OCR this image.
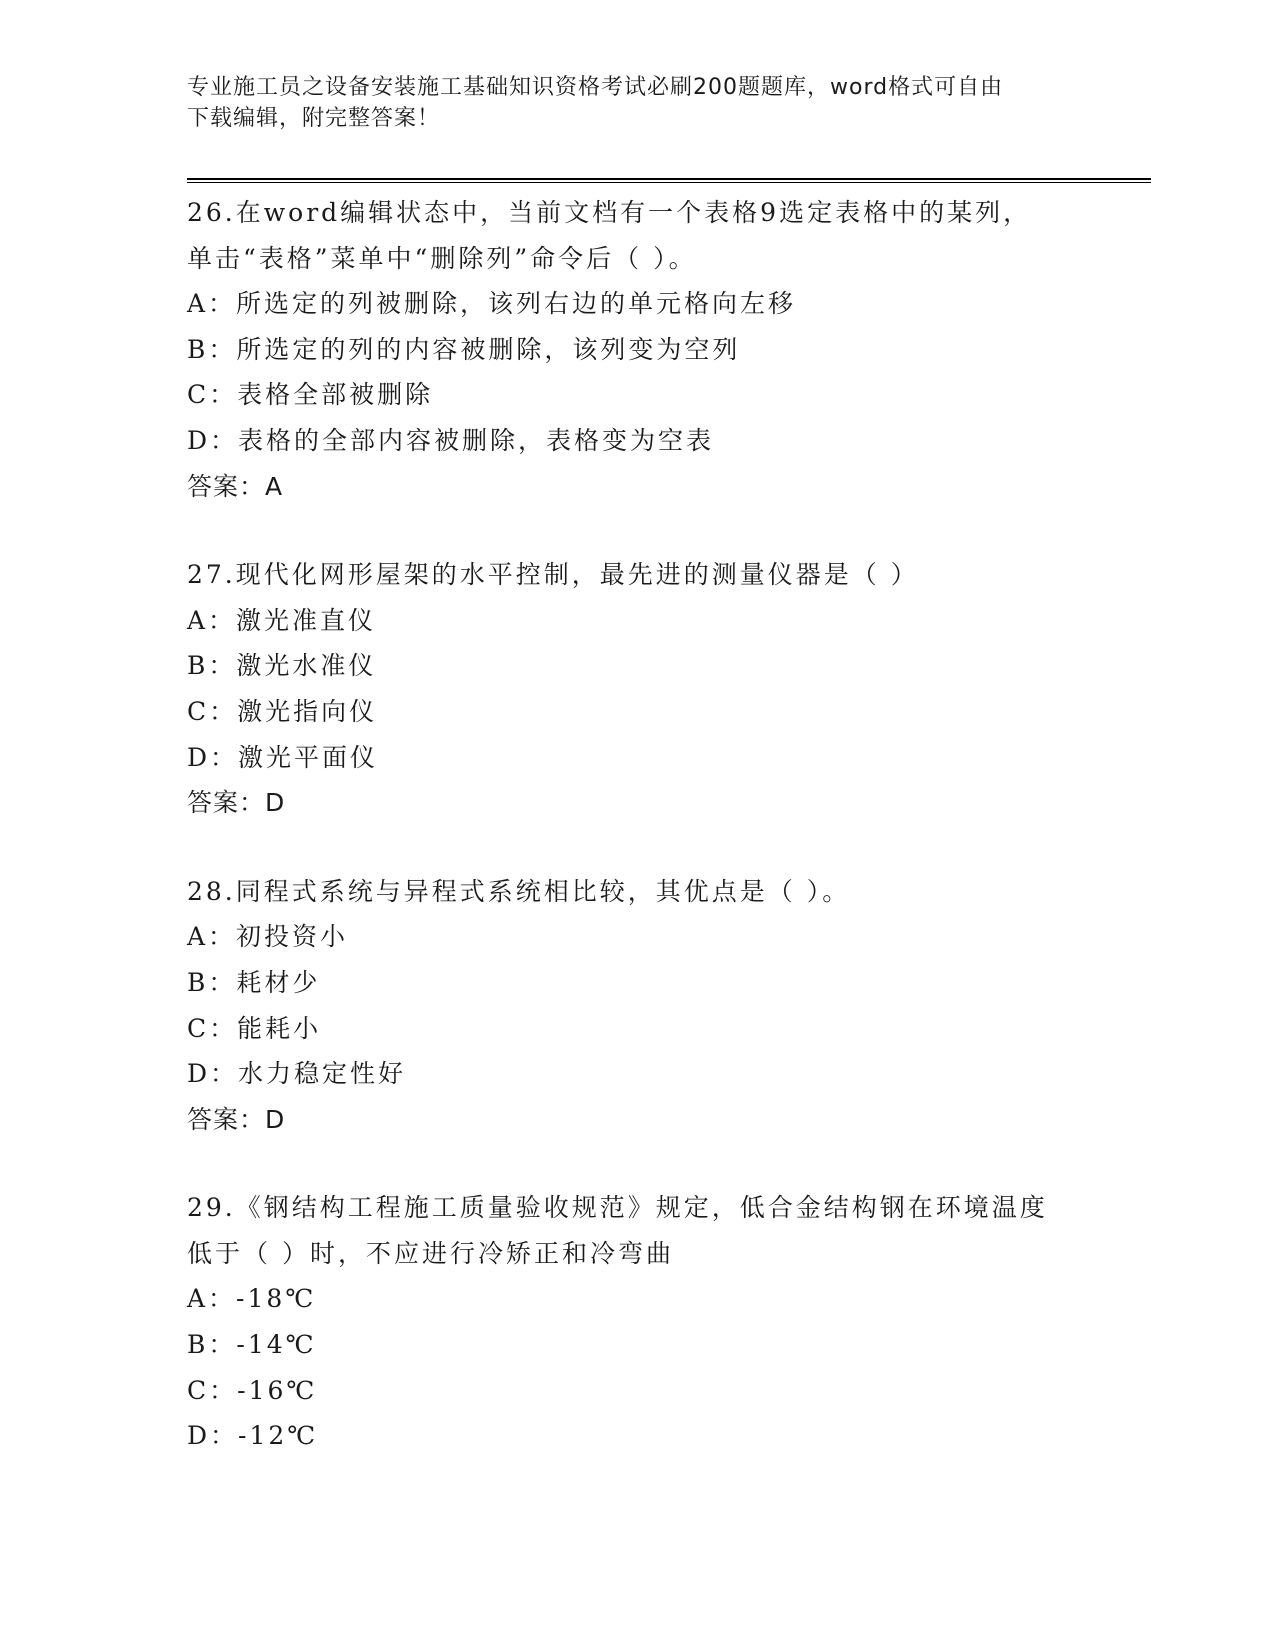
专业施工员之设备安装施工基础知识资格考试必刷200题题库，word格式可自由
下载编辑，附完整答案！
26.在word编辑状态中，当前文档有一个表格9选定表格中的某列，
单击“表格”菜单中“删除列”命令后（ ）。
A：所选定的列被删除，该列右边的单元格向左移
B：所选定的列的内容被删除，该列变为空列
C：表格全部被删除
D：表格的全部内容被删除，表格变为空表
答案：A
27.现代化网形屋架的水平控制，最先进的测量仪器是（ ）
A：激光准直仪
B：激光水准仪
C：激光指向仪
D：激光平面仪
答案：D
28.同程式系统与异程式系统相比较，其优点是（ ）。
A：初投资小
B：耗材少
C：能耗小
D：水力稳定性好
答案：D
29.《钢结构工程施工质量验收规范》规定，低合金结构钢在环境温度
低于（ ）时，不应进行冷矫正和冷弯曲
A：-18℃
B：-14℃
C：-16℃
D：-12℃
